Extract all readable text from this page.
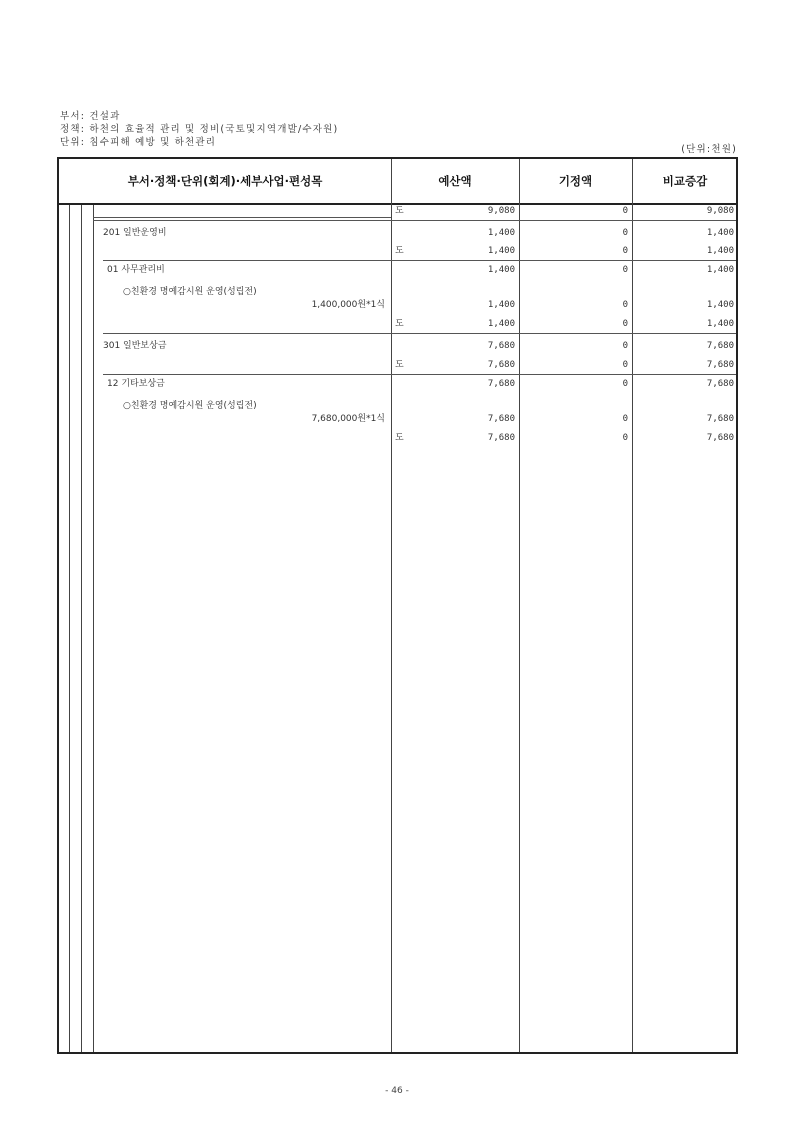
부서: 건설과
정책: 하천의 효율적 관리 및 정비(국토및지역개발/수자원)
단위: 침수피해 예방 및 하천관리
(단위:천원)
부서·정책·단위(회계)·세부사업·편성목	예산액	기정액	비교증감
도	9,080	0	9,080
201 일반운영비	1,400	0	1,400
도	1,400	0	1,400
01 사무관리비	1,400	0	1,400
○친환경 명예감시원 운영(성립전)
1,400,000원*1식	1,400	0	1,400
도	1,400	0	1,400
301 일반보상금	7,680	0	7,680
도	7,680	0	7,680
12 기타보상금	7,680	0	7,680
○친환경 명예감시원 운영(성립전)
7,680,000원*1식	7,680	0	7,680
도	7,680	0	7,680
- 46 -
